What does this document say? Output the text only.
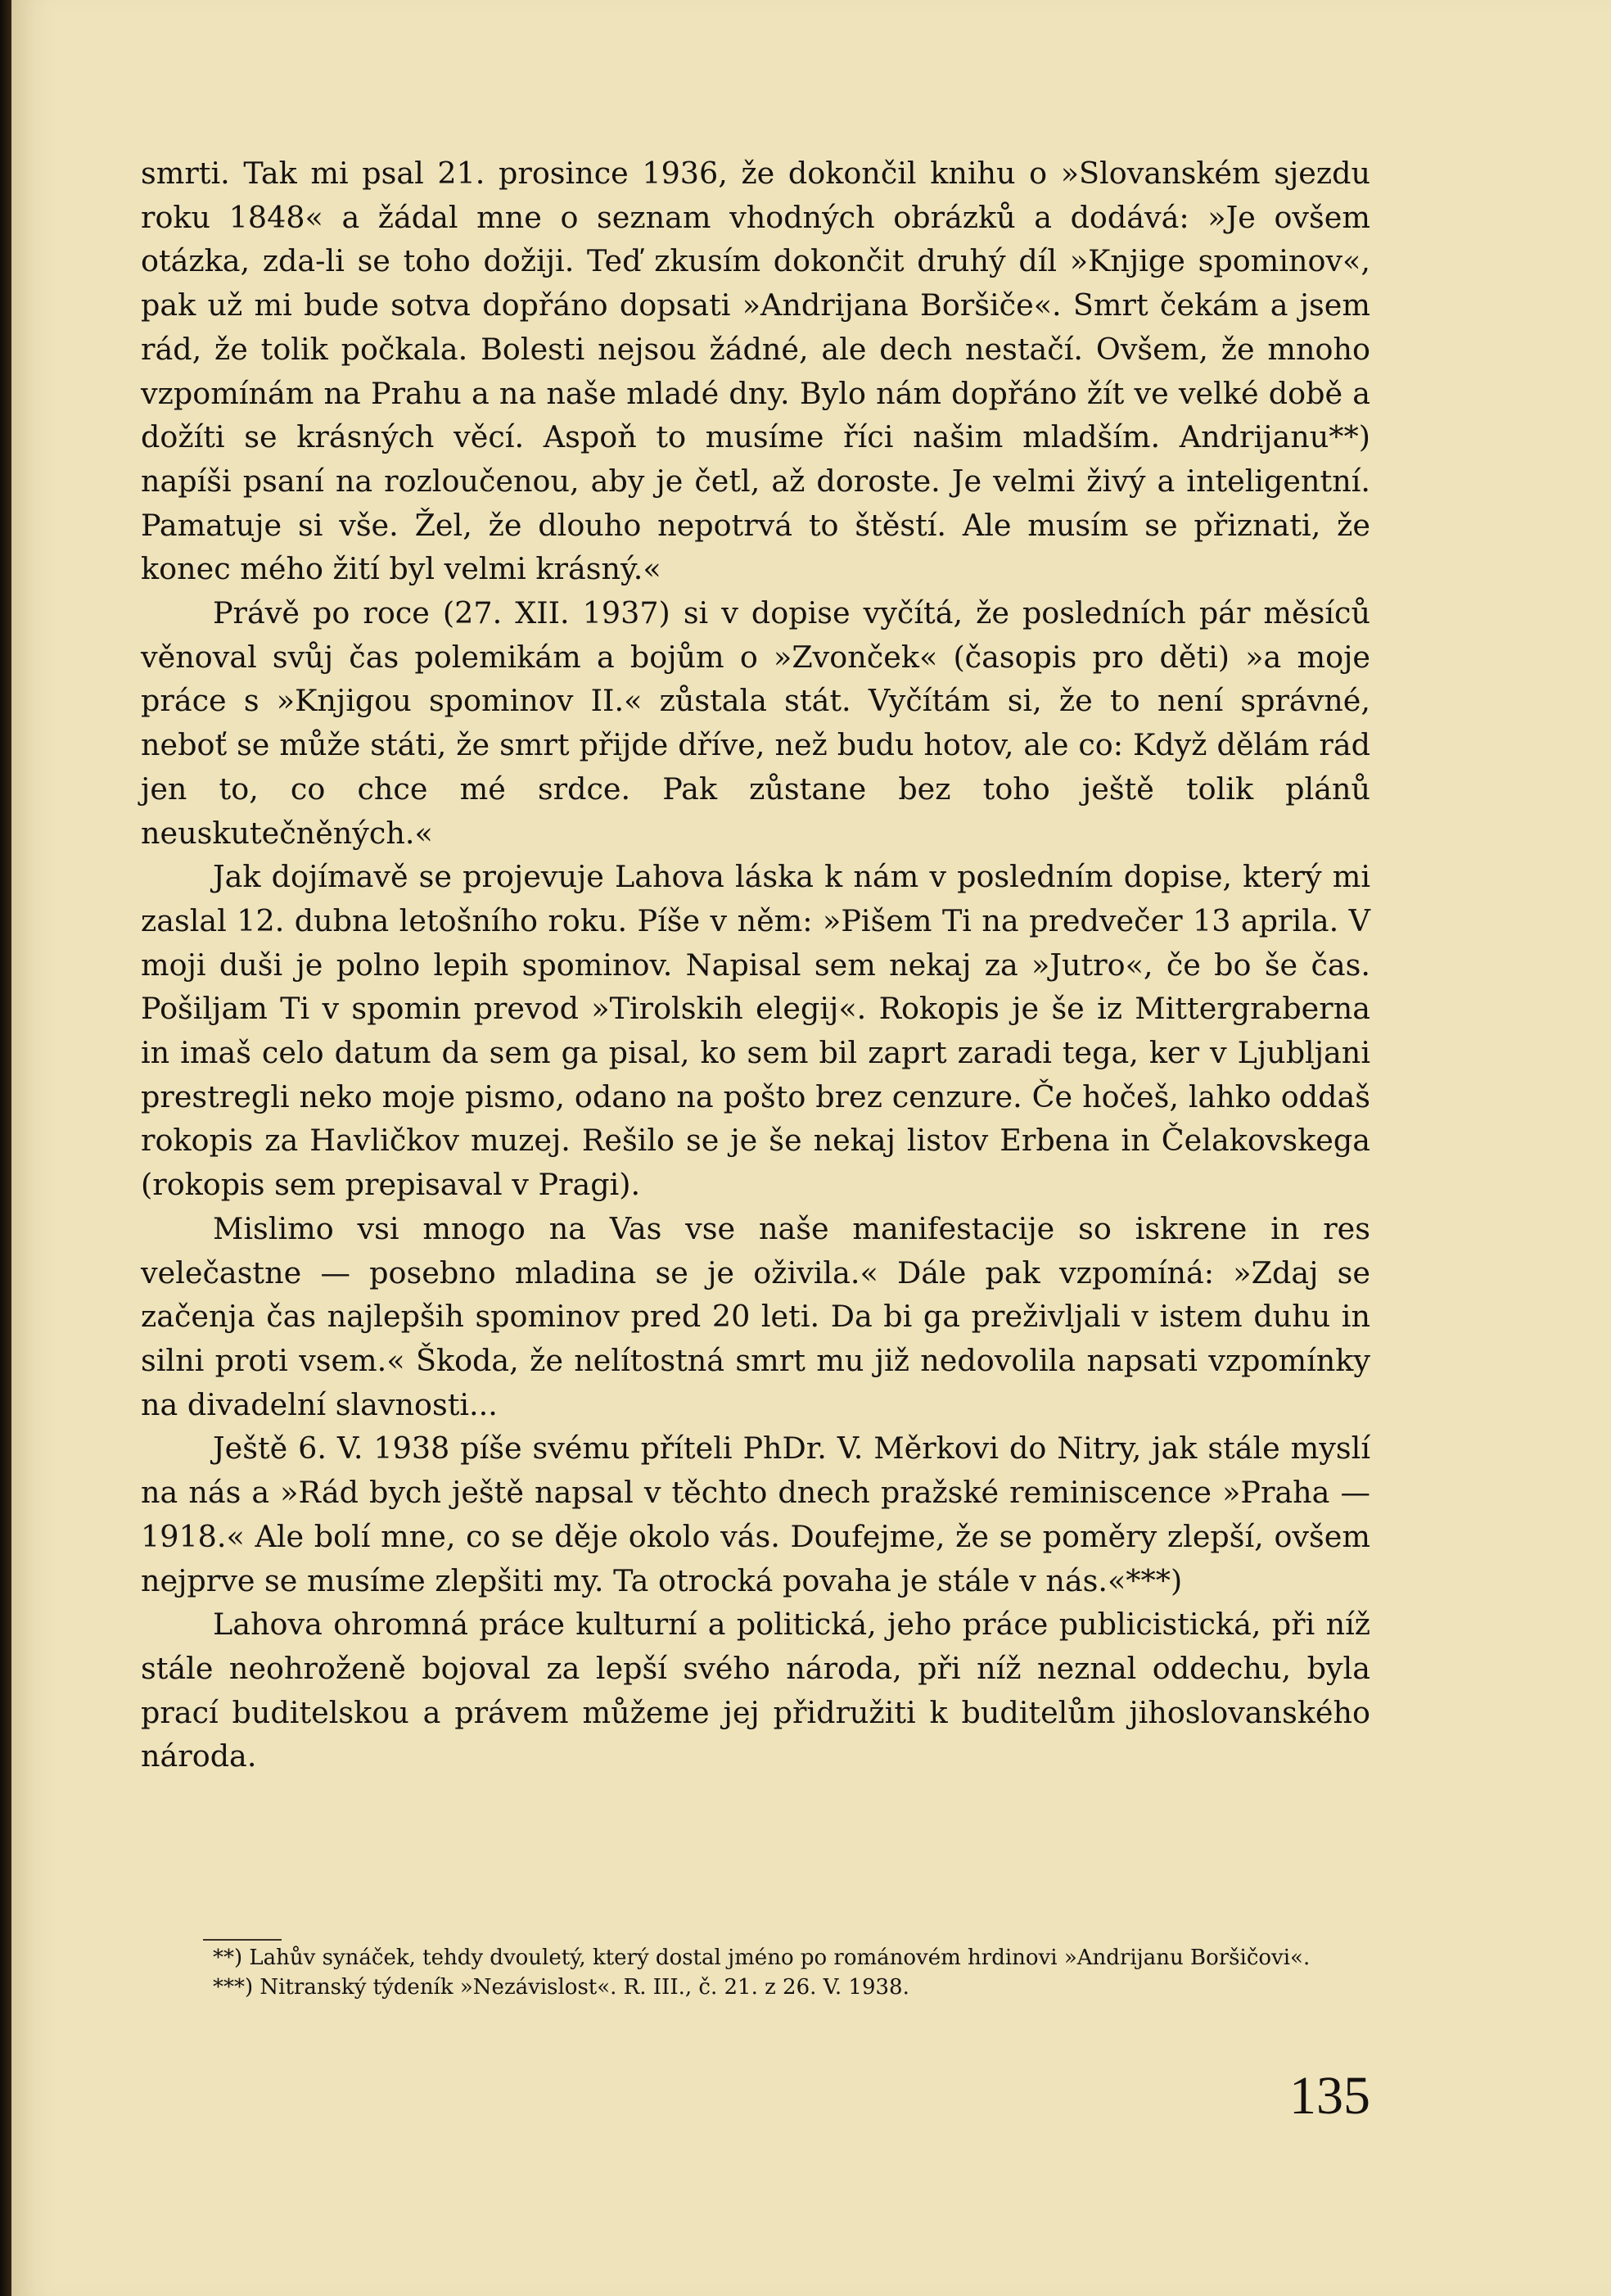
smrti. Tak mi psal 21. prosince 1936, že dokončil knihu o »Slovanském sjezdu roku 1848« a žádal mne o seznam vhodných obrázků a dodává: »Je ovšem otázka, zda-li se toho dožiji. Teď zkusím dokončit druhý díl »Knjige spominov«, pak už mi bude sotva dopřáno dopsati »Andrijana Boršiče«. Smrt čekám a jsem rád, že tolik počkala. Bolesti nejsou žádné, ale dech nestačí. Ovšem, že mnoho vzpomínám na Prahu a na naše mladé dny. Bylo nám dopřáno žít ve velké době a dožíti se krásných věcí. Aspoň to musíme říci našim mladším. Andrijanu**) napíši psaní na rozloučenou, aby je četl, až doroste. Je velmi živý a inteligentní. Pamatuje si vše. Žel, že dlouho nepotrvá to štěstí. Ale musím se přiznati, že konec mého žití byl velmi krásný.«

Právě po roce (27. XII. 1937) si v dopise vyčítá, že posledních pár měsíců věnoval svůj čas polemikám a bojům o »Zvonček« (časopis pro děti) »a moje práce s »Knjigou spominov II.« zůstala stát. Vyčítám si, že to není správné, neboť se může státi, že smrt přijde dříve, než budu hotov, ale co: Když dělám rád jen to, co chce mé srdce. Pak zůstane bez toho ještě tolik plánů neuskutečněných.«

Jak dojímavě se projevuje Lahova láska k nám v posledním dopise, který mi zaslal 12. dubna letošního roku. Píše v něm: »Pišem Ti na predvečer 13 aprila. V moji duši je polno lepih spominov. Napisal sem nekaj za »Jutro«, če bo še čas. Pošiljam Ti v spomin prevod »Tirolskih elegij«. Rokopis je še iz Mittergraberna in imaš celo datum da sem ga pisal, ko sem bil zaprt zaradi tega, ker v Ljubljani prestregli neko moje pismo, odano na pošto brez cenzure. Če hočeš, lahko oddaš rokopis za Havličkov muzej. Rešilo se je še nekaj listov Erbena in Čelakovskega (rokopis sem prepisaval v Pragi).

Mislimo vsi mnogo na Vas vse naše manifestacije so iskrene in res velečastne — posebno mladina se je oživila.« Dále pak vzpomíná: »Zdaj se začenja čas najlepših spominov pred 20 leti. Da bi ga preživljali v istem duhu in silni proti vsem.« Škoda, že nelítostná smrt mu již nedovolila napsati vzpomínky na divadelní slavnosti...

Ještě 6. V. 1938 píše svému příteli PhDr. V. Měrkovi do Nitry, jak stále myslí na nás a »Rád bych ještě napsal v těchto dnech pražské reminiscence »Praha — 1918.« Ale bolí mne, co se děje okolo vás. Doufejme, že se poměry zlepší, ovšem nejprve se musíme zlepšiti my. Ta otrocká povaha je stále v nás.«***)

Lahova ohromná práce kulturní a politická, jeho práce publicistická, při níž stále neohroženě bojoval za lepší svého národa, při níž neznal oddechu, byla prací buditelskou a právem můžeme jej přidružiti k buditelům jihoslovanského národa.

**) Lahův synáček, tehdy dvouletý, který dostal jméno po románovém hrdinovi »Andrijanu Boršičovi«.

***) Nitranský týdeník »Nezávislost«. R. III., č. 21. z 26. V. 1938.

135
